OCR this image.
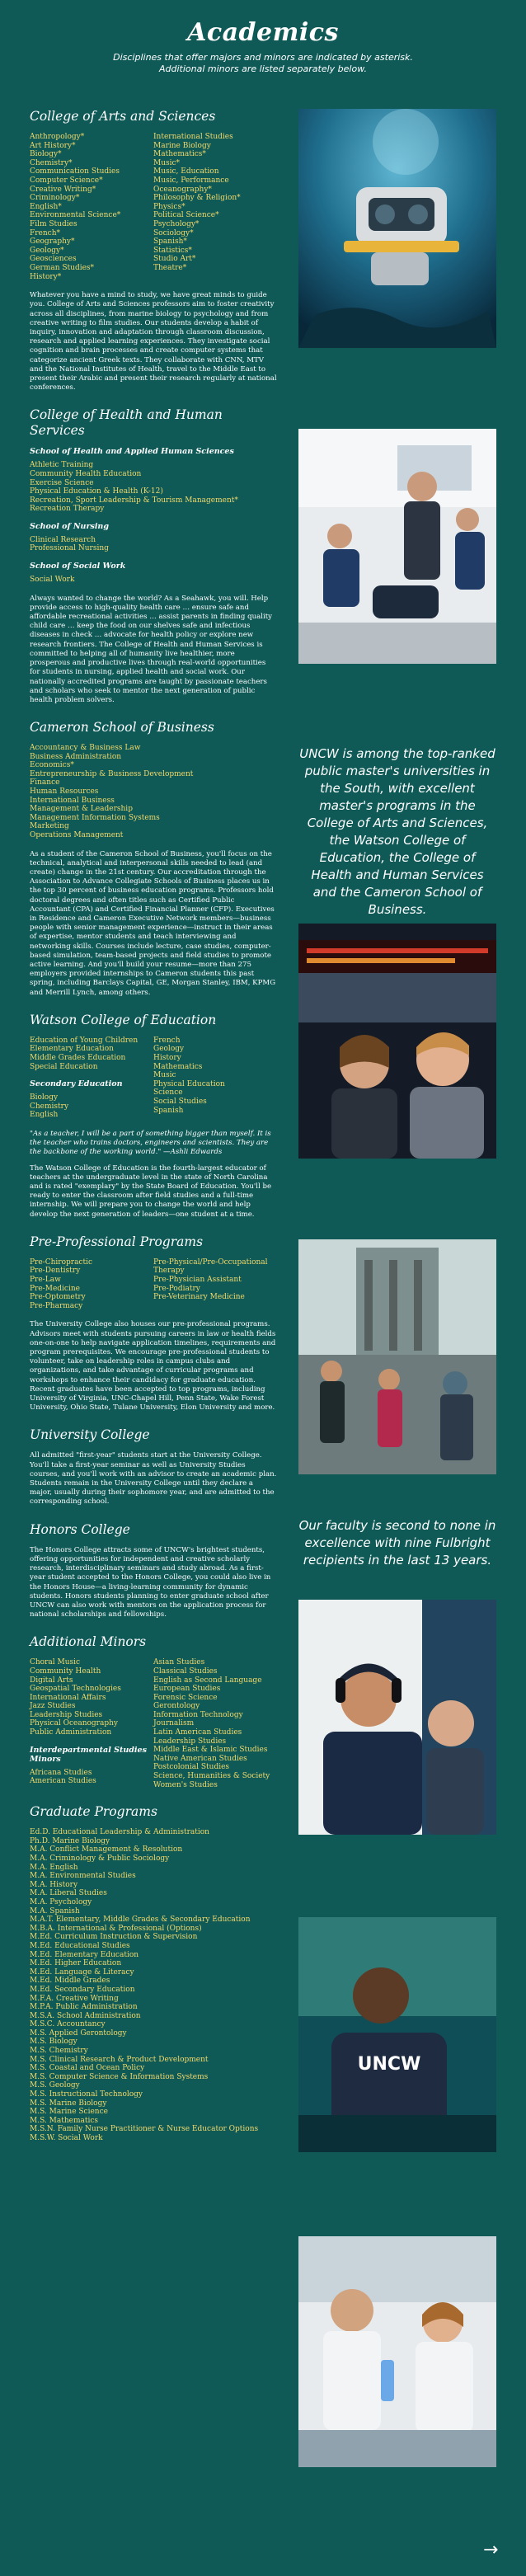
Academics

Disciplines that offer majors and minors are indicated by asterisk.
Additional minors are listed separately below.

College of Arts and Sciences
Anthropology*
Art History*
Biology*
Chemistry*
Communication Studies
Computer Science*
Creative Writing*
Criminology*
English*
Environmental Science*
Film Studies
French*
Geography*
Geology*
Geosciences
German Studies*
History*
International Studies
Marine Biology
Mathematics*
Music*
Music, Education
Music, Performance
Oceanography*
Philosophy & Religion*
Physics*
Political Science*
Psychology*
Sociology*
Spanish*
Statistics*
Studio Art*
Theatre*

Whatever you have a mind to study, we have great minds to guide you. College of Arts and Sciences professors aim to foster creativity across all disciplines, from marine biology to psychology and from creative writing to film studies. Our students develop a habit of inquiry, innovation and adaptation through classroom discussion, research and applied learning experiences. They investigate social cognition and brain processes and create computer systems that categorize ancient Greek texts. They collaborate with CNN, MTV and the National Institutes of Health, travel to the Middle East to present their Arabic and present their research regularly at national conferences.

College of Health and Human Services
School of Health and Applied Human Sciences
Athletic Training
Community Health Education
Exercise Science
Physical Education & Health (K-12)
Recreation, Sport Leadership & Tourism Management*
Recreation Therapy
School of Nursing
Clinical Research
Professional Nursing
School of Social Work
Social Work

Always wanted to change the world? As a Seahawk, you will. Help provide access to high-quality health care … ensure safe and affordable recreational activities … assist parents in finding quality child care … keep the food on our shelves safe and infectious diseases in check … advocate for health policy or explore new research frontiers. The College of Health and Human Services is committed to helping all of humanity live healthier, more prosperous and productive lives through real-world opportunities for students in nursing, applied health and social work. Our nationally accredited programs are taught by passionate teachers and scholars who seek to mentor the next generation of public health problem solvers.

Cameron School of Business
Accountancy & Business Law
Business Administration
Economics*
Entrepreneurship & Business Development
Finance
Human Resources
International Business
Management & Leadership
Management Information Systems
Marketing
Operations Management

As a student of the Cameron School of Business, you'll focus on the technical, analytical and interpersonal skills needed to lead (and create) change in the 21st century. Our accreditation through the Association to Advance Collegiate Schools of Business places us in the top 30 percent of business education programs. Professors hold doctoral degrees and often titles such as Certified Public Accountant (CPA) and Certified Financial Planner (CFP). Executives in Residence and Cameron Executive Network members—business people with senior management experience—instruct in their areas of expertise, mentor students and teach interviewing and networking skills. Courses include lecture, case studies, computer-based simulation, team-based projects and field studies to promote active learning. And you'll build your resume—more than 275 employers provided internships to Cameron students this past spring, including Barclays Capital, GE, Morgan Stanley, IBM, KPMG and Merrill Lynch, among others.

Watson College of Education
Education of Young Children
Elementary Education
Middle Grades Education
Special Education
Secondary Education
Biology
Chemistry
English
French
Geology
History
Mathematics
Music
Physical Education
Science
Social Studies
Spanish

"As a teacher, I will be a part of something bigger than myself. It is the teacher who trains doctors, engineers and scientists. They are the backbone of the working world." —Ashli Edwards

The Watson College of Education is the fourth-largest educator of teachers at the undergraduate level in the state of North Carolina and is rated "exemplary" by the State Board of Education. You'll be ready to enter the classroom after field studies and a full-time internship. We will prepare you to change the world and help develop the next generation of leaders—one student at a time.

Pre-Professional Programs
Pre-Chiropractic
Pre-Dentistry
Pre-Law
Pre-Medicine
Pre-Optometry
Pre-Pharmacy
Pre-Physical/Pre-Occupational
Therapy
Pre-Physician Assistant
Pre-Podiatry
Pre-Veterinary Medicine

The University College also houses our pre-professional programs. Advisors meet with students pursuing careers in law or health fields one-on-one to help navigate application timelines, requirements and program prerequisites. We encourage pre-professional students to volunteer, take on leadership roles in campus clubs and organizations, and take advantage of curricular programs and workshops to enhance their candidacy for graduate education. Recent graduates have been accepted to top programs, including University of Virginia, UNC-Chapel Hill, Penn State, Wake Forest University, Ohio State, Tulane University, Elon University and more.

University College

All admitted "first-year" students start at the University College. You'll take a first-year seminar as well as University Studies courses, and you'll work with an advisor to create an academic plan. Students remain in the University College until they declare a major, usually during their sophomore year, and are admitted to the corresponding school.

Honors College

The Honors College attracts some of UNCW's brightest students, offering opportunities for independent and creative scholarly research, interdisciplinary seminars and study abroad. As a first-year student accepted to the Honors College, you could also live in the Honors House—a living-learning community for dynamic students. Honors students planning to enter graduate school after UNCW can also work with mentors on the application process for national scholarships and fellowships.

Additional Minors
Choral Music
Community Health
Digital Arts
Geospatial Technologies
International Affairs
Jazz Studies
Leadership Studies
Physical Oceanography
Public Administration
Interdepartmental Studies Minors
Africana Studies
American Studies
Asian Studies
Classical Studies
English as Second Language
European Studies
Forensic Science
Gerontology
Information Technology
Journalism
Latin American Studies
Leadership Studies
Middle East & Islamic Studies
Native American Studies
Postcolonial Studies
Science, Humanities & Society
Women's Studies
Graduate Programs
Ed.D. Educational Leadership & Administration
Ph.D. Marine Biology
M.A. Conflict Management & Resolution
M.A. Criminology & Public Sociology
M.A. English
M.A. Environmental Studies
M.A. History
M.A. Liberal Studies
M.A. Psychology
M.A. Spanish
M.A.T. Elementary, Middle Grades & Secondary Education
M.B.A. International & Professional (Options)
M.Ed. Curriculum Instruction & Supervision
M.Ed. Educational Studies
M.Ed. Elementary Education
M.Ed. Higher Education
M.Ed. Language & Literacy
M.Ed. Middle Grades
M.Ed. Secondary Education
M.F.A. Creative Writing
M.P.A. Public Administration
M.S.A. School Administration
M.S.C. Accountancy
M.S. Applied Gerontology
M.S. Biology
M.S. Chemistry
M.S. Clinical Research & Product Development
M.S. Coastal and Ocean Policy
M.S. Computer Science & Information Systems
M.S. Geology
M.S. Instructional Technology
M.S. Marine Biology
M.S. Marine Science
M.S. Mathematics
M.S.N. Family Nurse Practitioner & Nurse Educator Options
M.S.W. Social Work
UNCW is among the top-ranked public master's universities in the South, with excellent master's programs in the College of Arts and Sciences, the Watson College of Education, the College of Health and Human Services and the Cameron School of Business.
Our faculty is second to none in excellence with nine Fulbright recipients in the last 13 years.
UNCW
→
